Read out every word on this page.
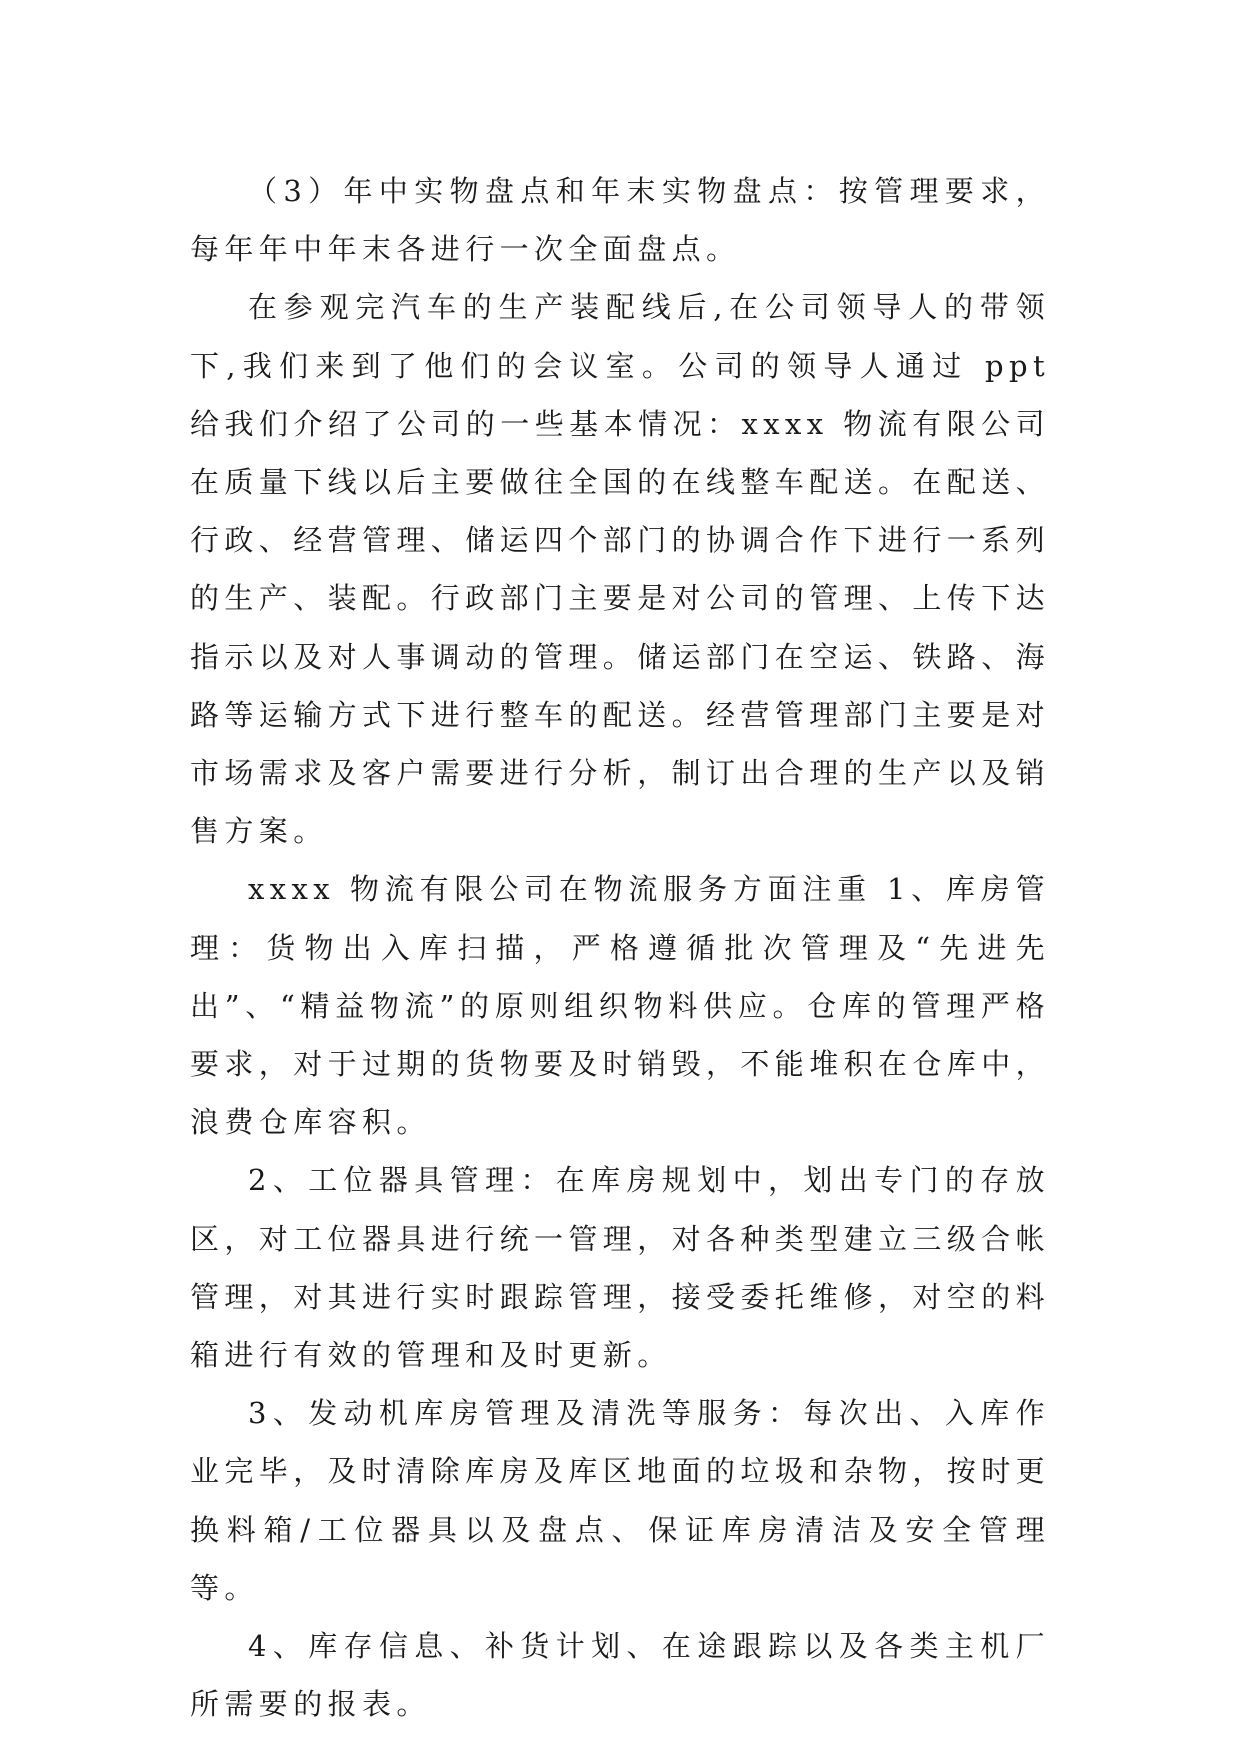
（3）年中实物盘点和年末实物盘点：按管理要求，每年年中年末各进行一次全面盘点。

在参观完汽车的生产装配线后,在公司领导人的带领下,我们来到了他们的会议室。公司的领导人通过 ppt 给我们介绍了公司的一些基本情况：xxxx 物流有限公司在质量下线以后主要做往全国的在线整车配送。在配送、行政、经营管理、储运四个部门的协调合作下进行一系列的生产、装配。行政部门主要是对公司的管理、上传下达指示以及对人事调动的管理。储运部门在空运、铁路、海路等运输方式下进行整车的配送。经营管理部门主要是对市场需求及客户需要进行分析，制订出合理的生产以及销售方案。

xxxx 物流有限公司在物流服务方面注重 1、库房管理：货物出入库扫描，严格遵循批次管理及“先进先出”、“精益物流”的原则组织物料供应。仓库的管理严格要求，对于过期的货物要及时销毁，不能堆积在仓库中，浪费仓库容积。

2、工位器具管理：在库房规划中，划出专门的存放区，对工位器具进行统一管理，对各种类型建立三级合帐管理，对其进行实时跟踪管理，接受委托维修，对空的料箱进行有效的管理和及时更新。

3、发动机库房管理及清洗等服务：每次出、入库作业完毕，及时清除库房及库区地面的垃圾和杂物，按时更换料箱/工位器具以及盘点、保证库房清洁及安全管理等。

4、库存信息、补货计划、在途跟踪以及各类主机厂所需要的报表。
